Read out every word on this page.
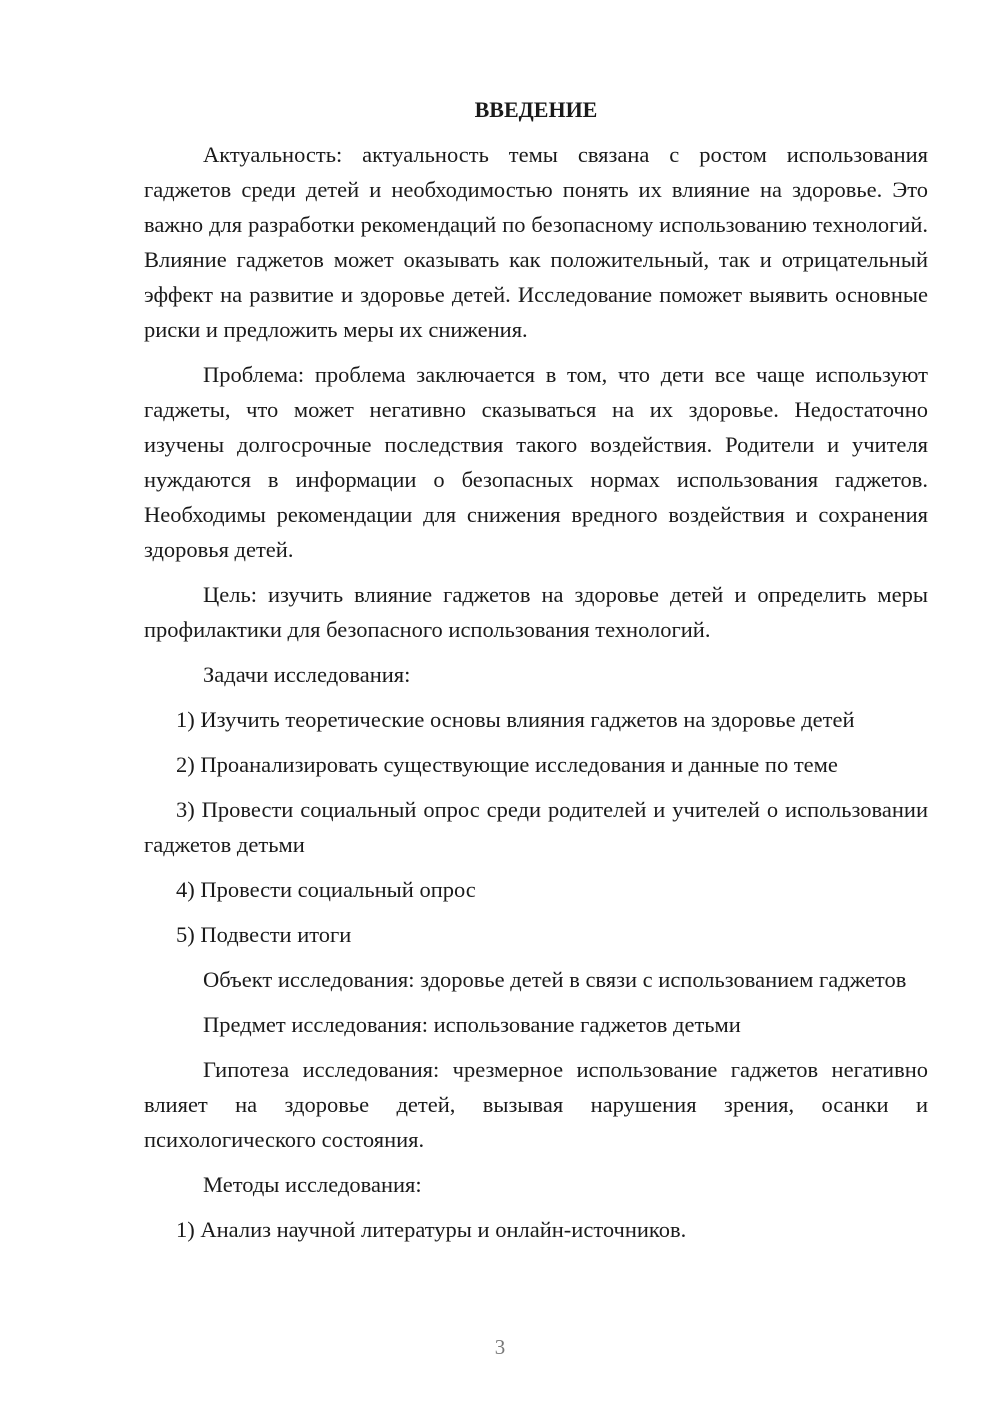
ВВЕДЕНИЕ

Актуальность: актуальность темы связана с ростом использования гаджетов среди детей и необходимостью понять их влияние на здоровье. Это важно для разработки рекомендаций по безопасному использованию технологий. Влияние гаджетов может оказывать как положительный, так и отрицательный эффект на развитие и здоровье детей. Исследование поможет выявить основные риски и предложить меры их снижения.

Проблема: проблема заключается в том, что дети все чаще используют гаджеты, что может негативно сказываться на их здоровье. Недостаточно изучены долгосрочные последствия такого воздействия. Родители и учителя нуждаются в информации о безопасных нормах использования гаджетов. Необходимы рекомендации для снижения вредного воздействия и сохранения здоровья детей.

Цель: изучить влияние гаджетов на здоровье детей и определить меры профилактики для безопасного использования технологий.

Задачи исследования:

1) Изучить теоретические основы влияния гаджетов на здоровье детей

2) Проанализировать существующие исследования и данные по теме

3) Провести социальный опрос среди родителей и учителей о использовании гаджетов детьми

4) Провести социальный опрос

5) Подвести итоги

Объект исследования: здоровье детей в связи с использованием гаджетов

Предмет исследования: использование гаджетов детьми

Гипотеза исследования: чрезмерное использование гаджетов негативно влияет на здоровье детей, вызывая нарушения зрения, осанки и психологического состояния.

Методы исследования:

1) Анализ научной литературы и онлайн-источников.

3
